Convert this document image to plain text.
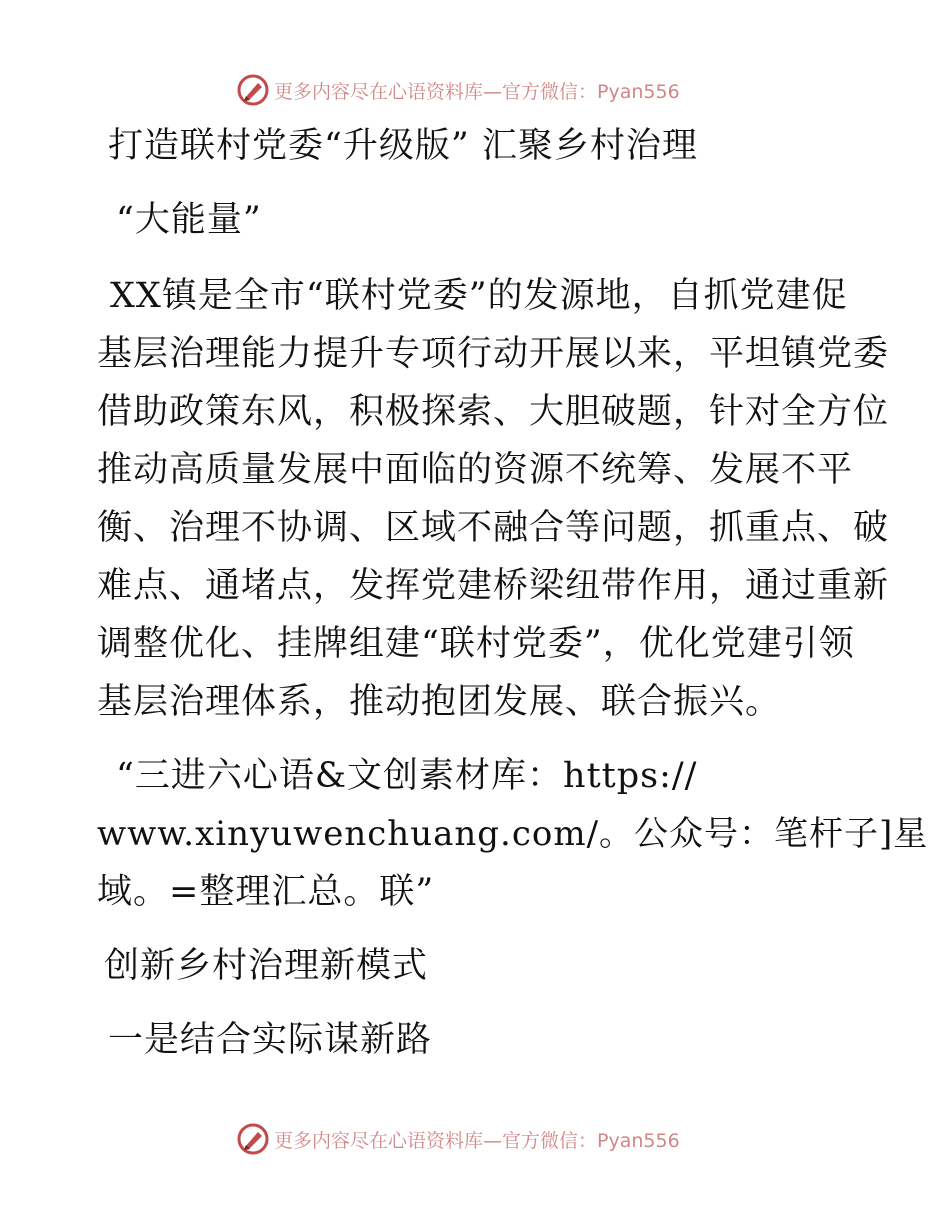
更多内容尽在心语资料库—官方微信：Pyan556
打造联村党委“升级版” 汇聚乡村治理
“大能量”
XX镇是全市“联村党委”的发源地，自抓党建促
基层治理能力提升专项行动开展以来，平坦镇党委
借助政策东风，积极探索、大胆破题，针对全方位
推动高质量发展中面临的资源不统筹、发展不平
衡、治理不协调、区域不融合等问题，抓重点、破
难点、通堵点，发挥党建桥梁纽带作用，通过重新
调整优化、挂牌组建“联村党委”，优化党建引领
基层治理体系，推动抱团发展、联合振兴。
“三进六心语&文创素材库：https://
www.xinyuwenchuang.com/。公众号：笔杆子]星
域。=整理汇总。联”
创新乡村治理新模式
一是结合实际谋新路
更多内容尽在心语资料库—官方微信：Pyan556
